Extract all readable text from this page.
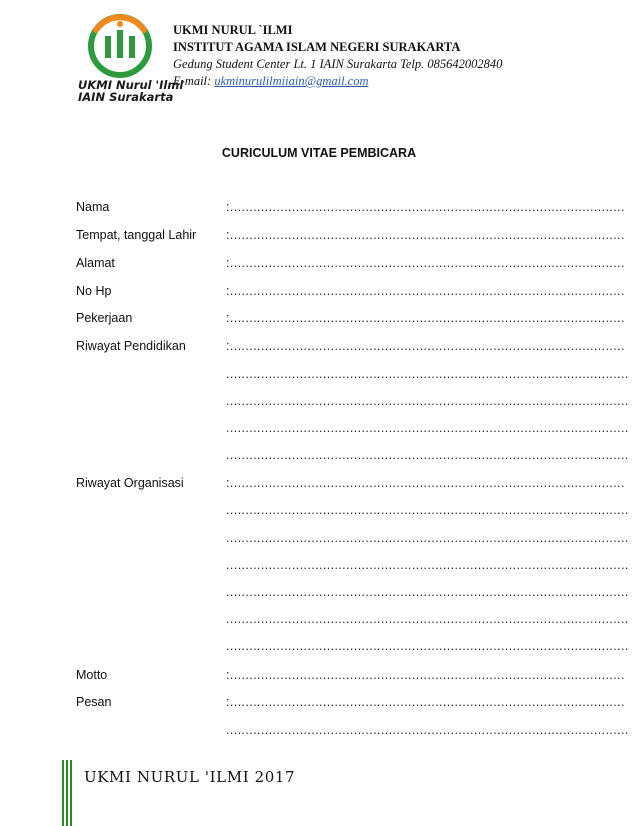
UKMI Nurul 'Ilmi
IAIN Surakarta
UKMI NURUL `ILMI
INSTITUT AGAMA ISLAM NEGERI SURAKARTA
Gedung Student Center Lt. 1 IAIN Surakarta Telp. 085642002840
E-mail: ukminurulilmiiain@gmail.com
CURICULUM VITAE PEMBICARA
Nama	:......................................................................................................
Tempat, tanggal Lahir :......................................................................................................
Alamat	:......................................................................................................
No Hp	:......................................................................................................
Pekerjaan	:......................................................................................................
Riwayat Pendidikan	:......................................................................................................
........................................................................................................
........................................................................................................
........................................................................................................
........................................................................................................
Riwayat Organisasi	:......................................................................................................
........................................................................................................
........................................................................................................
........................................................................................................
........................................................................................................
........................................................................................................
........................................................................................................
Motto	:......................................................................................................
Pesan	:......................................................................................................
........................................................................................................
UKMI NURUL 'ILMI 2017
